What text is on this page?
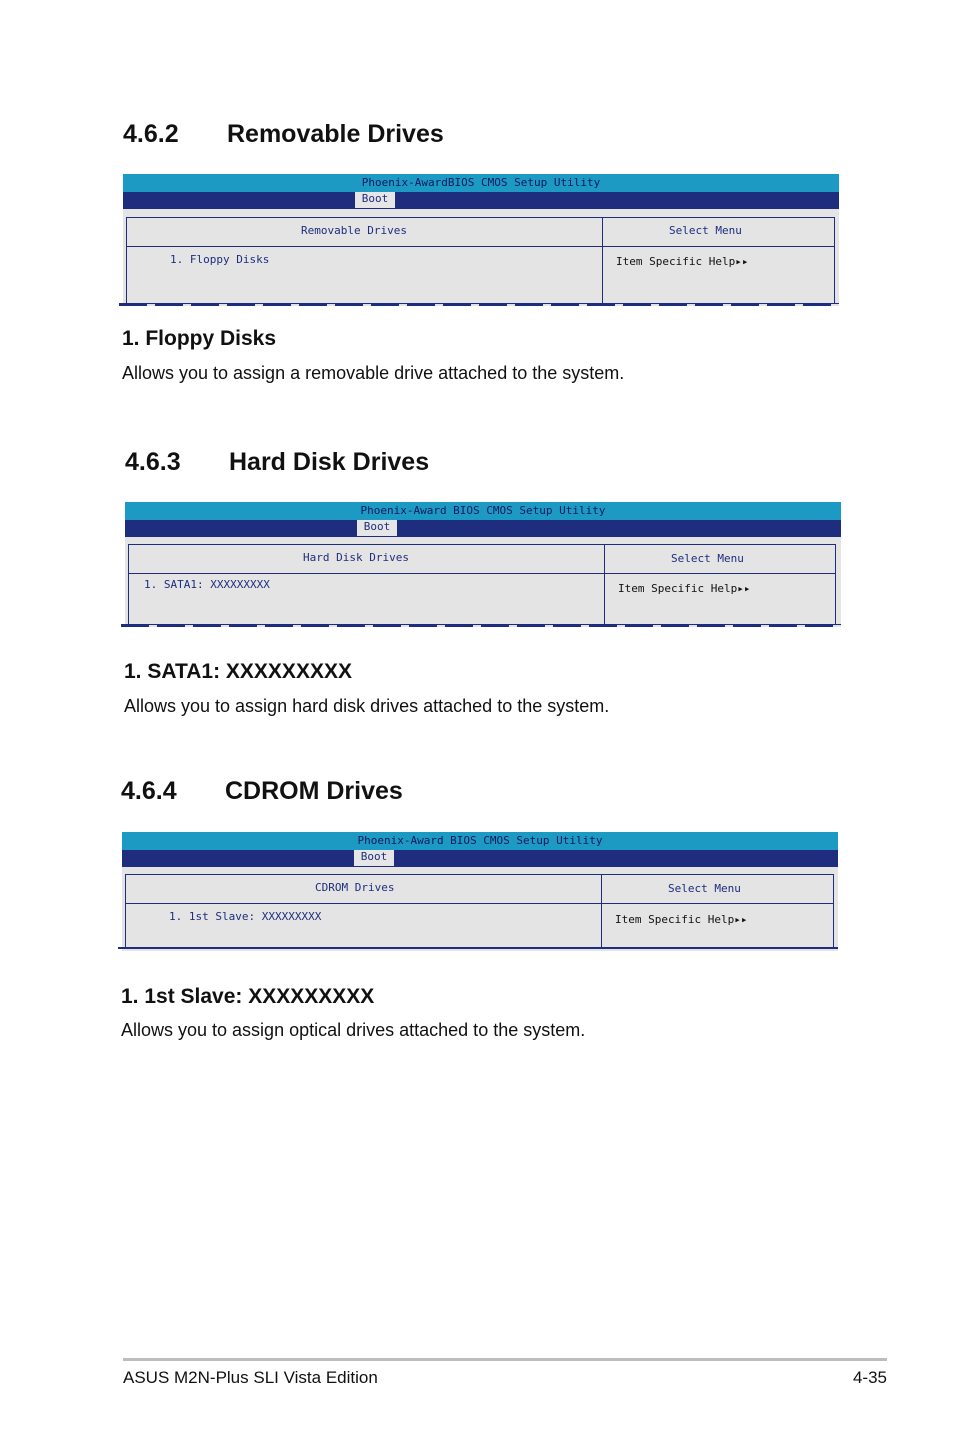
4.6.2 Removable Drives
Phoenix-AwardBIOS CMOS Setup Utility
Boot
Removable Drives
1. Floppy Disks
Select Menu
Item Specific Help▸▸
1. Floppy Disks
Allows you to assign a removable drive attached to the system.
4.6.3 Hard Disk Drives
Phoenix-Award BIOS CMOS Setup Utility
Boot
Hard Disk Drives
1. SATA1: XXXXXXXXX
Select Menu
Item Specific Help▸▸
1. SATA1: XXXXXXXXX
Allows you to assign hard disk drives attached to the system.
4.6.4 CDROM Drives
Phoenix-Award BIOS CMOS Setup Utility
Boot
CDROM Drives
1. 1st Slave: XXXXXXXXX
Select Menu
Item Specific Help▸▸
1. 1st Slave: XXXXXXXXX
Allows you to assign optical drives attached to the system.
ASUS M2N-Plus SLI Vista Edition	4-35
